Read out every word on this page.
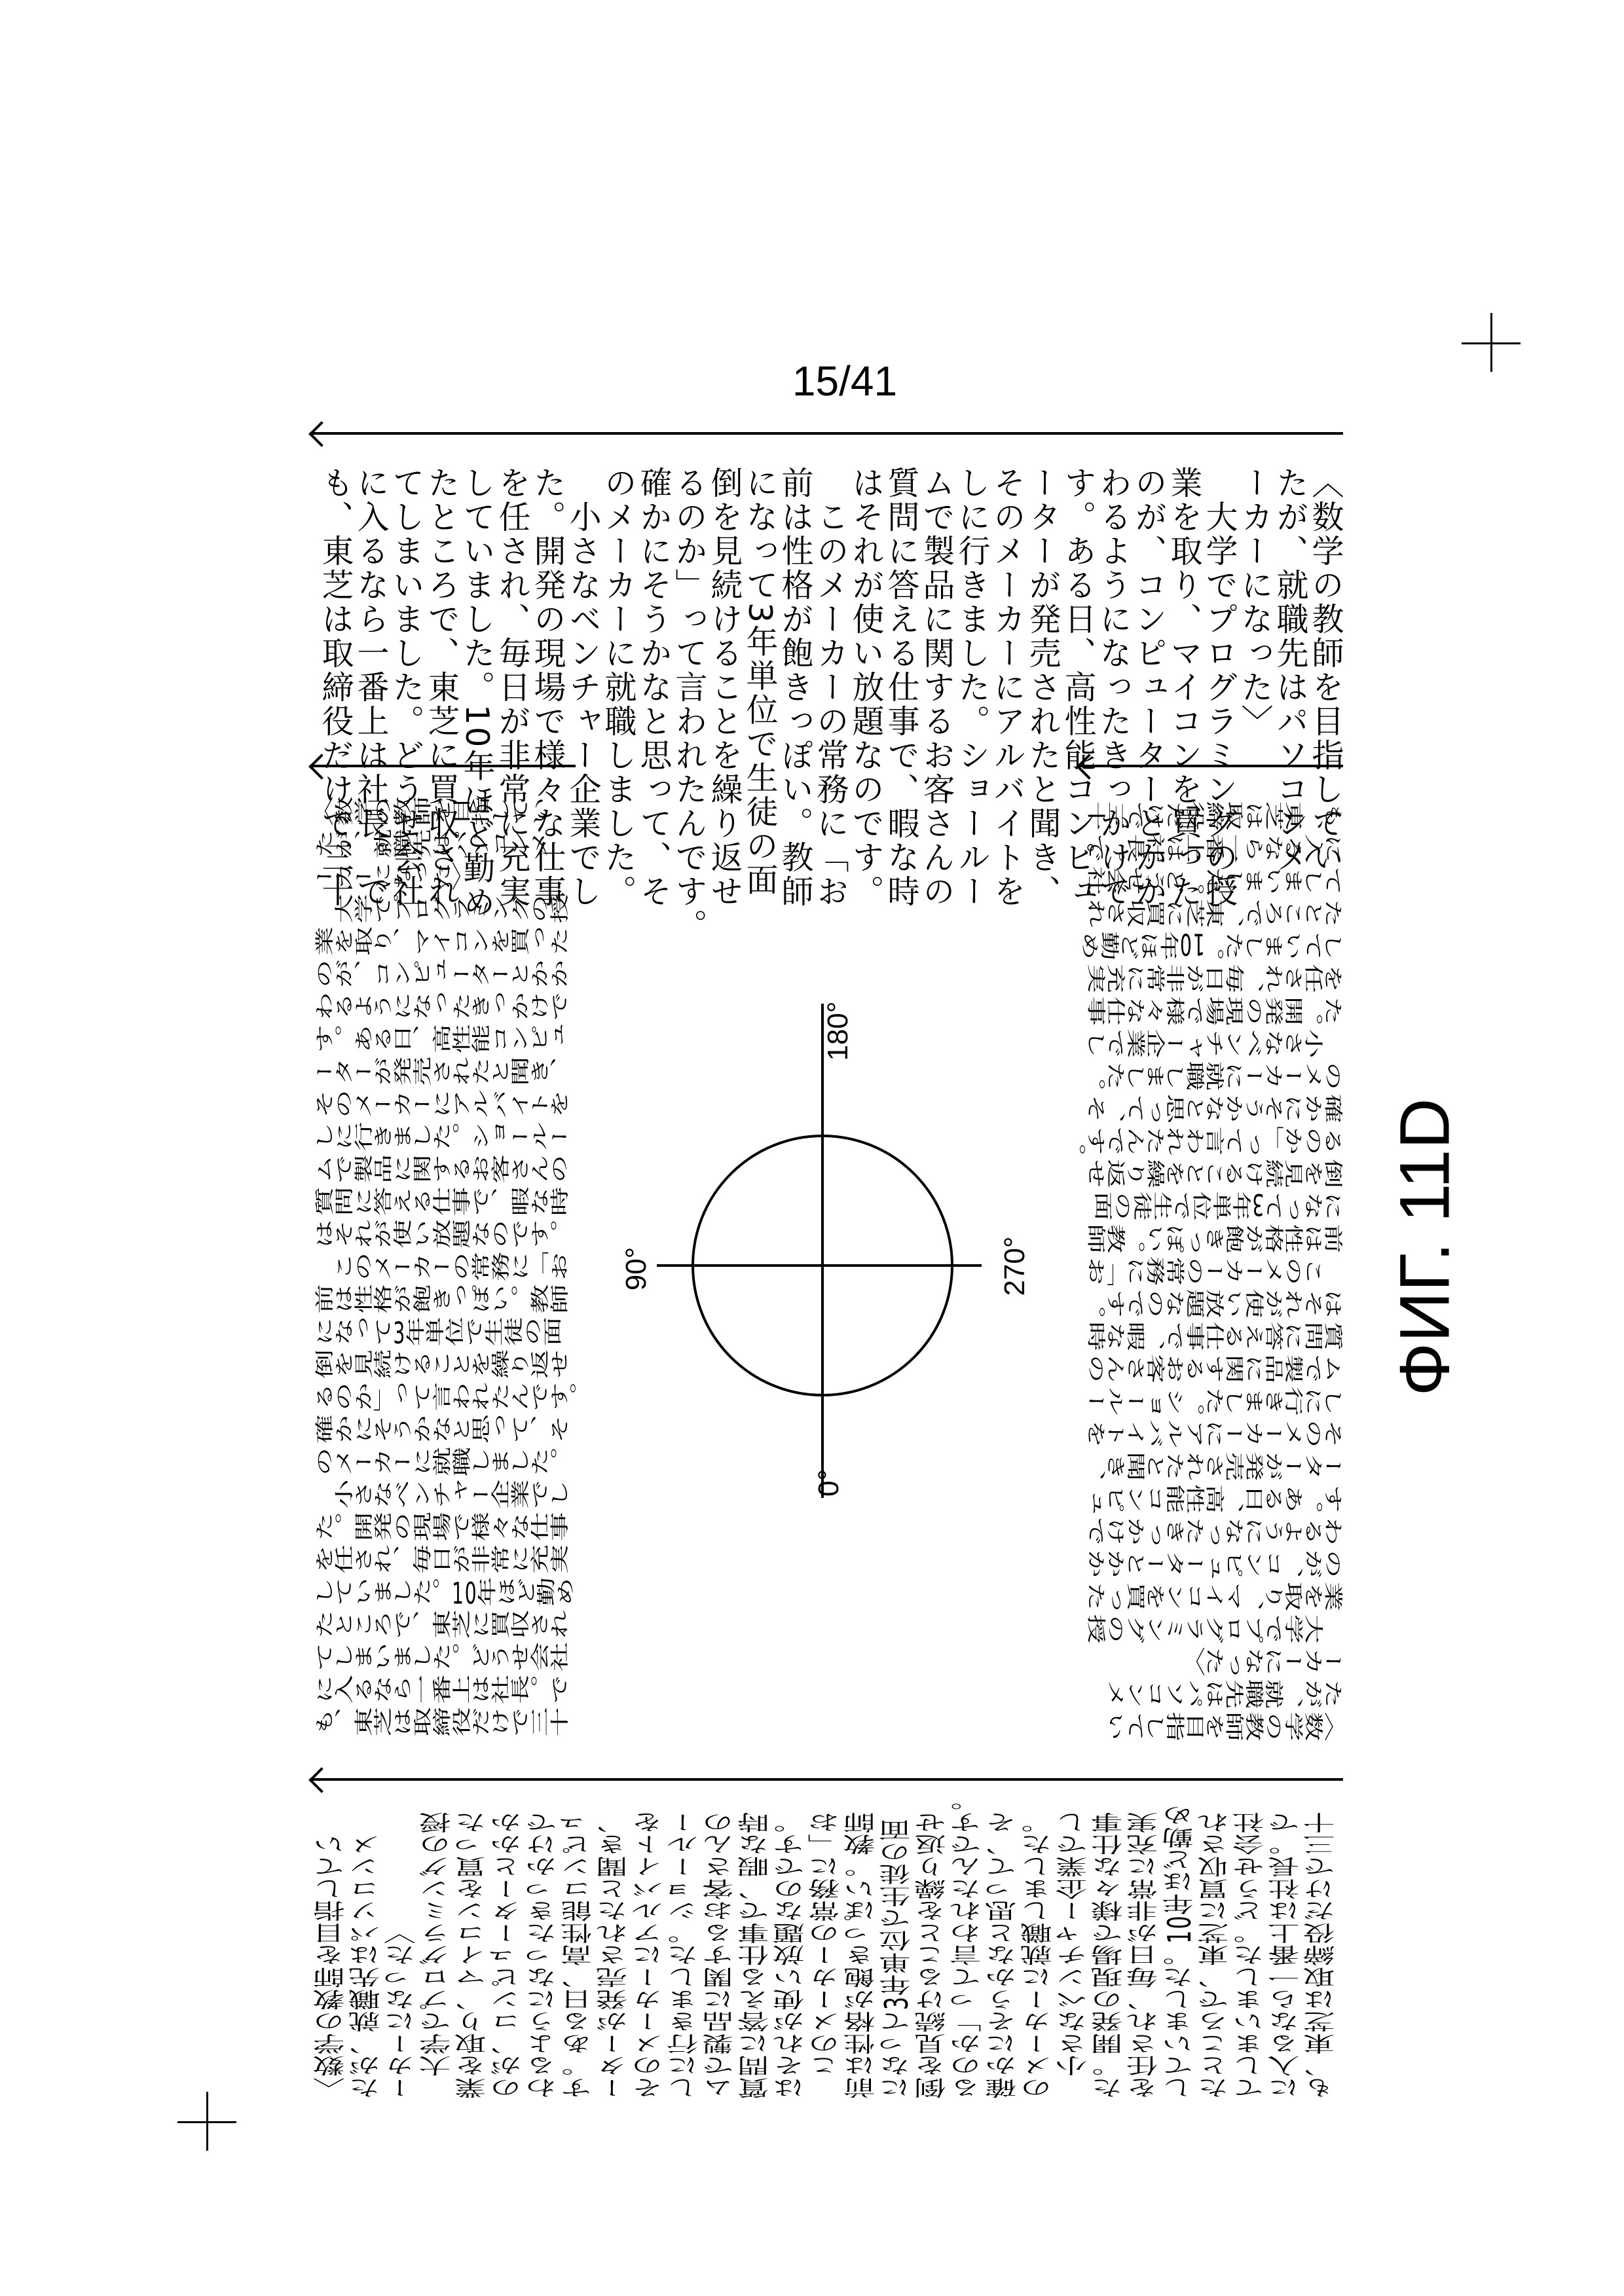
15/41
〈数学の教師を目指してい
たが、就職先はパソコンメ
ーカーになった〉
　大学でプログラミングの授
業を取り、マイコンを買った
のが、コンピューターとかか
わるようになったきっかけで
す。ある日、高性能コンピュ
ーターが発売されたと聞き、
そのメーカーにアルバイトを
しに行きました。ショールー
ムで製品に関するお客さんの
質問に答える仕事で、暇な時
はそれが使い放題なのです。
　このメーカーの常務に「お
前は性格が飽きっぽい。教師
になって3年単位で生徒の面
倒を見続けることを繰り返せ
るのか」って言われたんです。
確かにそうかなと思って、そ
のメーカーに就職しました。
　小さなベンチャー企業でし
た。開発の現場で様々な仕事
を任され、毎日が非常に充実
していました。10年ほど勤め
たところで、東芝に買収され
てしまいました。どうせ会社
に入るなら一番上は社長。で
も、東芝は取締役だけで三十
〈数学の教師を目指してい
たが、就職先はパソコンメ
ーカーになった〉
　大学でプログラミングの授
業を取り、マイコンを買った
のが、コンピューターとかか
わるようになったきっかけで
す。ある日、高性能コンピュ
ーターが発売されたと聞き、
そのメーカーにアルバイトを
しに行きました。ショールー
ムで製品に関するお客さんの
質問に答える仕事で、暇な時
はそれが使い放題なのです。
　このメーカーの常務に「お
前は性格が飽きっぽい。教師
になって3年単位で生徒の面
倒を見続けることを繰り返せ
るのか」って言われたんです。
確かにそうかなと思って、そ
のメーカーに就職しました。
　小さなベンチャー企業でし
た。開発の現場で様々な仕事
を任され、毎日が非常に充実
していました。10年ほど勤め
たところで、東芝に買収され
てしまいました。どうせ会社
に入るなら一番上は社長。で
も、東芝は取締役だけで三十	〈数学の教師を目指してい
たが、就職先はパソコンメ
ーカーになった〉
　大学でプログラミングの授
業を取り、マイコンを買った
のが、コンピューターとかか
わるようになったきっかけで
す。ある日、高性能コンピュ
ーターが発売されたと聞き、
そのメーカーにアルバイトを
しに行きました。ショールー
ムで製品に関するお客さんの
質問に答える仕事で、暇な時
はそれが使い放題なのです。
　このメーカーの常務に「お
前は性格が飽きっぽい。教師
になって3年単位で生徒の面
倒を見続けることを繰り返せ
るのか」って言われたんです。
確かにそうかなと思って、そ
のメーカーに就職しました。
　小さなベンチャー企業でし
た。開発の現場で様々な仕事
を任され、毎日が非常に充実
していました。10年ほど勤め
たところで、東芝に買収され
てしまいました。どうせ会社
に入るなら一番上は社長。で
も、東芝は取締役だけで三十
〈数学の教師を目指してい
たが、就職先はパソコンメ
ーカーになった〉
　大学でプログラミングの授
業を取り、マイコンを買った
のが、コンピューターとかか
わるようになったきっかけで
す。ある日、高性能コンピュ
ーターが発売されたと聞き、
そのメーカーにアルバイトを
しに行きました。ショールー
ムで製品に関するお客さんの
質問に答える仕事で、暇な時
はそれが使い放題なのです。
　このメーカーの常務に「お
前は性格が飽きっぽい。教師
になって3年単位で生徒の面
倒を見続けることを繰り返せ
るのか」って言われたんです。
確かにそうかなと思って、そ
のメーカーに就職しました。
　小さなベンチャー企業でし
た。開発の現場で様々な仕事
を任され、毎日が非常に充実
していました。10年ほど勤め
たところで、東芝に買収され
てしまいました。どうせ会社
に入るなら一番上は社長。で
も、東芝は取締役だけで三十
180°
0°
90°	270°	ФИГ. 11D
